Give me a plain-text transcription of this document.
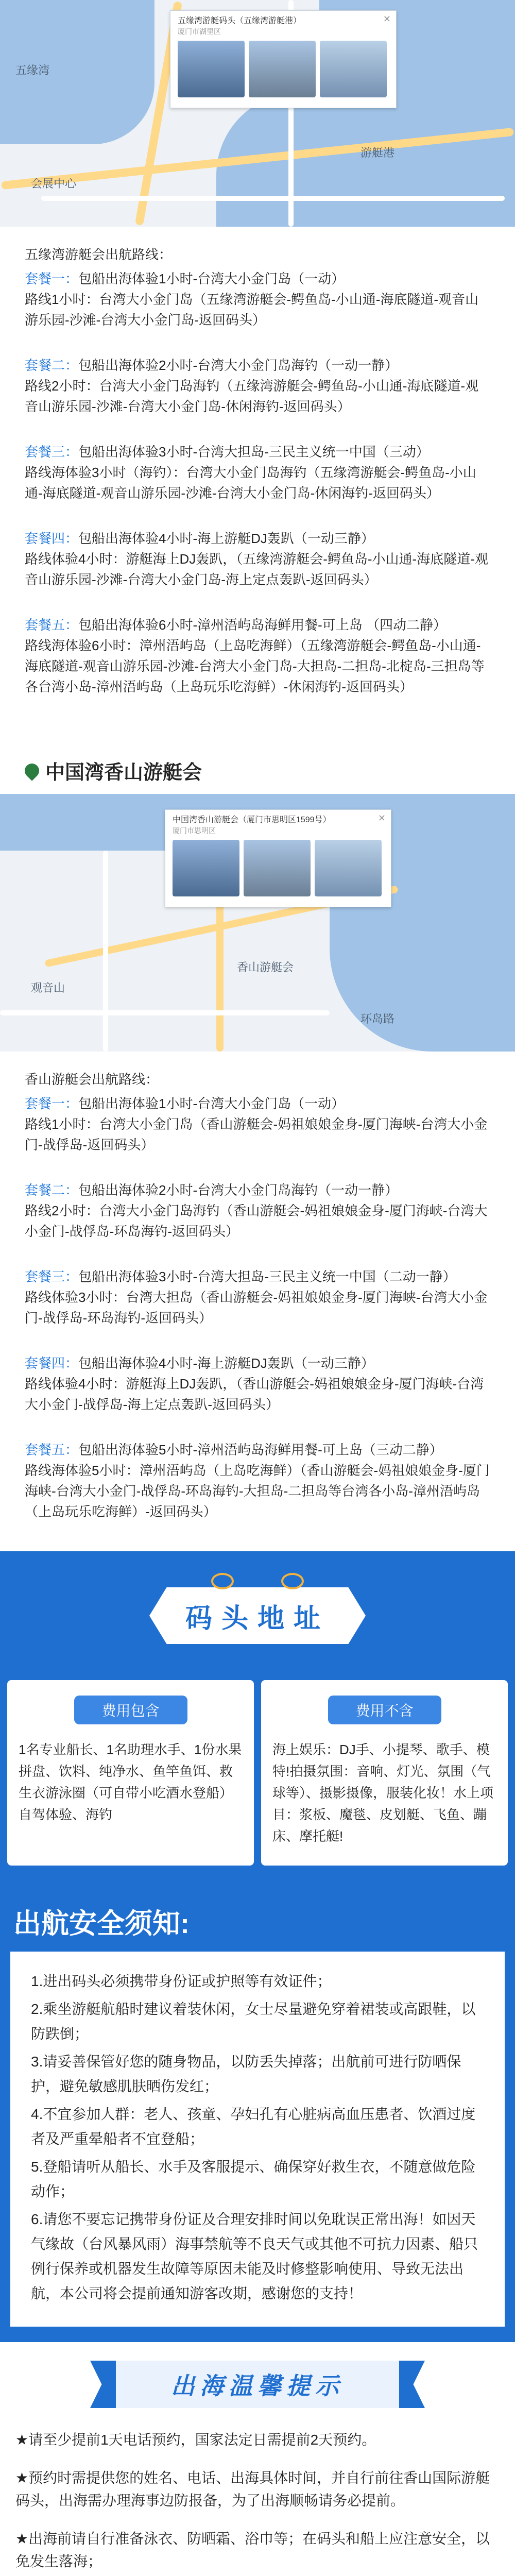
五缘湾
游艇港
会展中心
✕
五缘湾游艇码头（五缘湾游艇港）
厦门市湖里区
五缘湾游艇会出航路线：
套餐一：包船出海体验1小时-台湾大小金门岛（一动）
路线1小时：台湾大小金门岛（五缘湾游艇会-鳄鱼岛-小山通-海底隧道-观音山游乐园-沙滩-台湾大小金门岛-返回码头）
套餐二：包船出海体验2小时-台湾大小金门岛海钓（一动一静）
路线2小时：台湾大小金门岛海钓（五缘湾游艇会-鳄鱼岛-小山通-海底隧道-观音山游乐园-沙滩-台湾大小金门岛-休闲海钓-返回码头）
套餐三：包船出海体验3小时-台湾大担岛-三民主义统一中国（三动）
路线海体验3小时（海钓）：台湾大小金门岛海钓（五缘湾游艇会-鳄鱼岛-小山通-海底隧道-观音山游乐园-沙滩-台湾大小金门岛-休闲海钓-返回码头）
套餐四：包船出海体验4小时-海上游艇DJ轰趴（一动三静）
路线体验4小时：游艇海上DJ轰趴，（五缘湾游艇会-鳄鱼岛-小山通-海底隧道-观音山游乐园-沙滩-台湾大小金门岛-海上定点轰趴-返回码头）
套餐五：包船出海体验6小时-漳州浯屿岛海鲜用餐-可上岛 （四动二静）
路线海体验6小时：漳州浯屿岛（上岛吃海鲜）（五缘湾游艇会-鳄鱼岛-小山通-海底隧道-观音山游乐园-沙滩-台湾大小金门岛-大担岛-二担岛-北椗岛-三担岛等各台湾小岛-漳州浯屿岛（上岛玩乐吃海鲜）-休闲海钓-返回码头）
中国湾香山游艇会
香山游艇会
环岛路
观音山
✕
中国湾香山游艇会（厦门市思明区1599号）
厦门市思明区
香山游艇会出航路线：
套餐一：包船出海体验1小时-台湾大小金门岛（一动）
路线1小时：台湾大小金门岛（香山游艇会-妈祖娘娘金身-厦门海峡-台湾大小金门-战俘岛-返回码头）
套餐二：包船出海体验2小时-台湾大小金门岛海钓（一动一静）
路线2小时：台湾大小金门岛海钓（香山游艇会-妈祖娘娘金身-厦门海峡-台湾大小金门-战俘岛-环岛海钓-返回码头）
套餐三：包船出海体验3小时-台湾大担岛-三民主义统一中国（二动一静）
路线体验3小时：台湾大担岛（香山游艇会-妈祖娘娘金身-厦门海峡-台湾大小金门-战俘岛-环岛海钓-返回码头）
套餐四：包船出海体验4小时-海上游艇DJ轰趴（一动三静）
路线体验4小时：游艇海上DJ轰趴，（香山游艇会-妈祖娘娘金身-厦门海峡-台湾大小金门-战俘岛-海上定点轰趴-返回码头）
套餐五：包船出海体验5小时-漳州浯屿岛海鲜用餐-可上岛（三动二静）
路线海体验5小时：漳州浯屿岛（上岛吃海鲜）（香山游艇会-妈祖娘娘金身-厦门海峡-台湾大小金门-战俘岛-环岛海钓-大担岛-二担岛等台湾各小岛-漳州浯屿岛（上岛玩乐吃海鲜）-返回码头）
码头地址
费用包含
1名专业船长、1名助理水手、1份水果拼盘、饮料、纯净水、鱼竿鱼饵、救生衣游泳圈（可自带小吃酒水登船）自驾体验、海钓
费用不含
海上娱乐：DJ手、小提琴、歌手、模特!拍摄氛围：音响、灯光、氛围（气球等）、摄影摄像，服装化妆！水上项目：浆板、魔毯、皮划艇、飞鱼、蹦床、摩托艇!
出航安全须知:

1.进出码头必须携带身份证或护照等有效证件；

2.乘坐游艇航船时建议着装休闲，女士尽量避免穿着裙装或高跟鞋，以防跌倒；

3.请妥善保管好您的随身物品，以防丢失掉落；出航前可进行防晒保护，避免敏感肌肤晒伤发红；

4.不宜参加人群：老人、孩童、孕妇孔有心脏病高血压患者、饮酒过度者及严重晕船者不宜登船；

5.登船请听从船长、水手及客服提示、确保穿好救生衣，不随意做危险动作；

6.请您不要忘记携带身份证及合理安排时间以免耽误正常出海！如因天气缘故（台风暴风雨）海事禁航等不良天气或其他不可抗力因素、船只例行保养或机器发生故障等原因未能及时修整影响使用、导致无法出航，本公司将会提前通知游客改期，感谢您的支持！

出海温馨提示

★请至少提前1天电话预约，国家法定日需提前2天预约。

★预约时需提供您的姓名、电话、出海具体时间，并自行前往香山国际游艇码头，出海需办理海事边防报备，为了出海顺畅请务必提前。

★出海前请自行准备泳衣、防晒霜、浴巾等；在码头和船上应注意安全，以免发生落海；
